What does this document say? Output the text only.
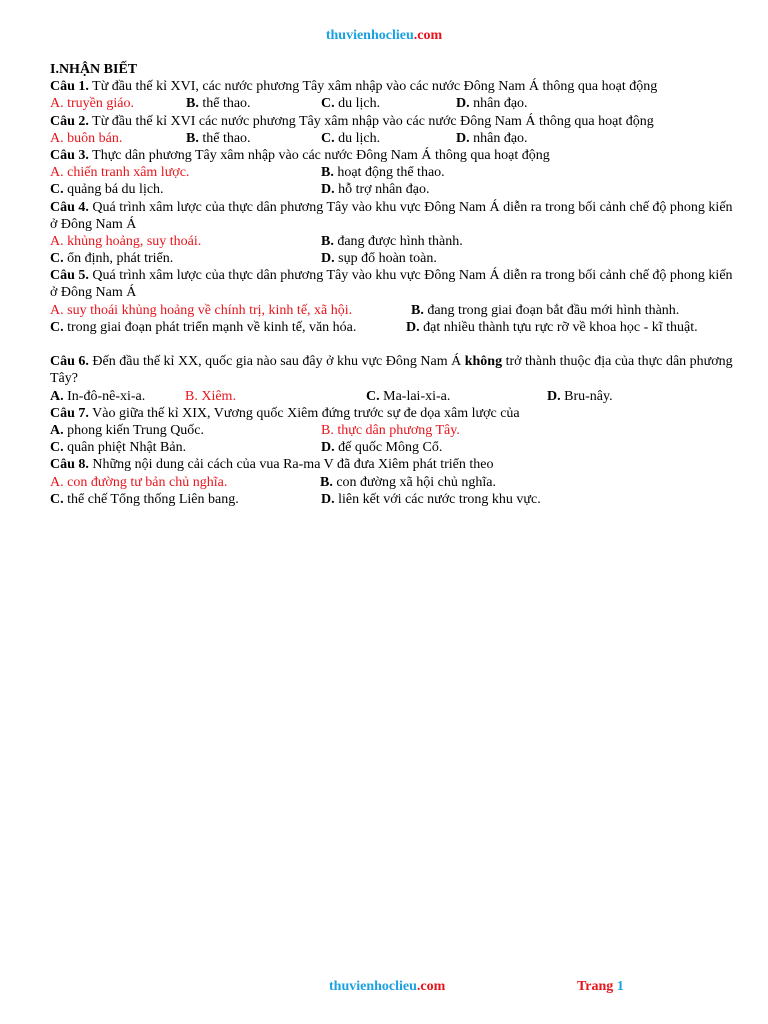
thuvienhoclieu.com
I.NHẬN BIẾT
Câu 1. Từ đầu thế kỉ XVI, các nước phương Tây xâm nhập vào các nước Đông Nam Á thông qua hoạt động
A. truyền giáo.	B. thể thao.	C. du lịch.	D. nhân đạo.
Câu 2. Từ đầu thế kỉ XVI các nước phương Tây xâm nhập vào các nước Đông Nam Á thông qua hoạt động
A. buôn bán.	B. thể thao.	C. du lịch.	D. nhân đạo.
Câu 3. Thực dân phương Tây xâm nhập vào các nước Đông Nam Á thông qua hoạt động
A. chiến tranh xâm lược.	B. hoạt động thể thao.
C. quảng bá du lịch.	D. hỗ trợ nhân đạo.
Câu 4. Quá trình xâm lược của thực dân phương Tây vào khu vực Đông Nam Á diễn ra trong bối cảnh chế độ phong kiến ở Đông Nam Á
A. khủng hoảng, suy thoái.	B. đang được hình thành.
C. ổn định, phát triển.	D. sụp đổ hoàn toàn.
Câu 5. Quá trình xâm lược của thực dân phương Tây vào khu vực Đông Nam Á diễn ra trong bối cảnh chế độ phong kiến ở Đông Nam Á
A. suy thoái khủng hoảng về chính trị, kinh tế, xã hội.	B. đang trong giai đoạn bắt đầu mới hình thành.
C. trong giai đoạn phát triển mạnh về kinh tế, văn hóa.	D. đạt nhiều thành tựu rực rỡ về khoa học - kĩ thuật.
Câu 6. Đến đầu thế kỉ XX, quốc gia nào sau đây ở khu vực Đông Nam Á không trở thành thuộc địa của thực dân phương Tây?
A. In-đô-nê-xi-a.	B. Xiêm.	C. Ma-lai-xi-a.	D. Bru-nây.
Câu 7. Vào giữa thế kỉ XIX, Vương quốc Xiêm đứng trước sự đe dọa xâm lược của
A. phong kiến Trung Quốc.	B. thực dân phương Tây.
C. quân phiệt Nhật Bản.	D. đế quốc Mông Cổ.
Câu 8. Những nội dung cải cách của vua Ra-ma V đã đưa Xiêm phát triển theo
A. con đường tư bản chủ nghĩa.	B. con đường xã hội chủ nghĩa.
C. thể chế Tổng thống Liên bang.	D. liên kết với các nước trong khu vực.
thuvienhoclieu.com	Trang 1
